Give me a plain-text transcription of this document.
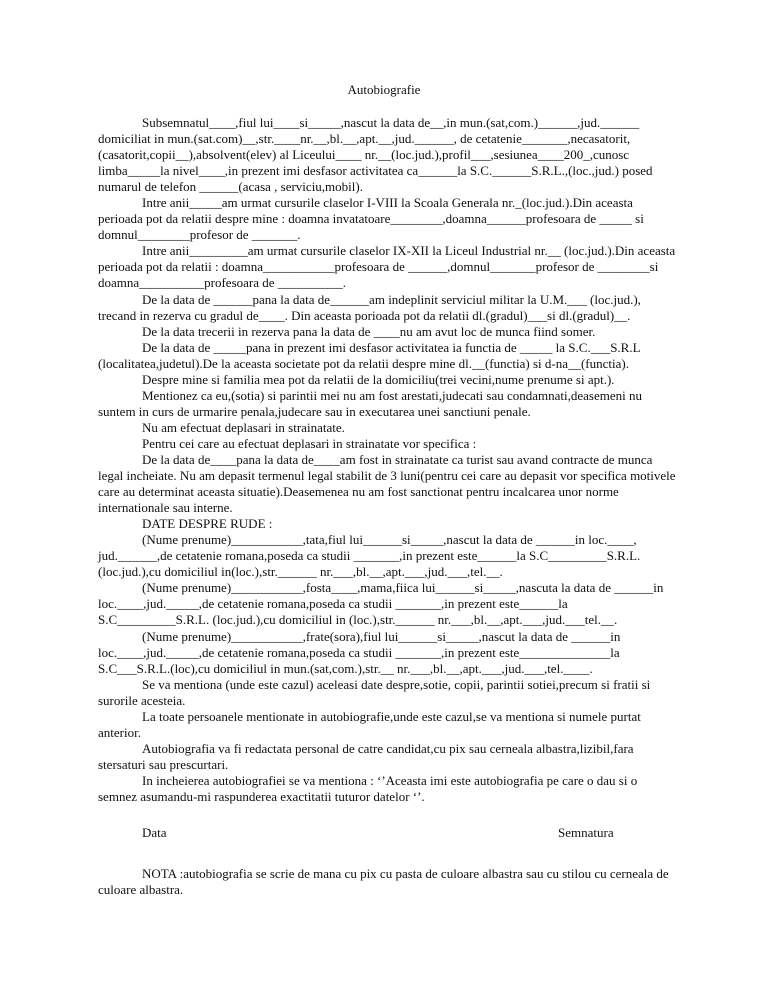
Autobiografie

Subsemnatul____,fiul lui____si_____,nascut la data de__,in mun.(sat,com.)______,jud.______ domiciliat in mun.(sat.com)__,str.____nr.__,bl.__,apt.__,jud.______, de cetatenie_______,necasatorit,(casatorit,copii__),absolvent(elev) al Liceului____ nr.__(loc.jud.),profil___,sesiunea____200_,cunosc limba_____la nivel____,in prezent imi desfasor activitatea ca______la S.C.______S.R.L.,(loc.,jud.) posed numarul de telefon ______(acasa , serviciu,mobil).

Intre anii_____am urmat cursurile claselor I-VIII la Scoala Generala nr._(loc.jud.).Din aceasta perioada pot da relatii despre mine : doamna invatatoare________,doamna______profesoara de _____ si domnul________profesor de _______.

Intre anii_________am urmat cursurile claselor IX-XII la Liceul Industrial nr.__ (loc.jud.).Din aceasta perioada pot da relatii : doamna___________profesoara de ______,domnul_______profesor de ________si doamna__________profesoara de __________.

De la data de ______pana la data de______am indeplinit serviciul militar la U.M.___ (loc.jud.), trecand in rezerva cu gradul de____. Din aceasta porioada pot da relatii dl.(gradul)___si dl.(gradul)__.

De la data trecerii in rezerva pana la data de ____nu am avut loc de munca fiind somer.

De la data de _____pana in prezent imi desfasor activitatea ia functia de _____ la S.C.___S.R.L (localitatea,judetul).De la aceasta societate pot da relatii despre mine dl.__(functia) si d-na__(functia).

Despre mine si familia mea pot da relatii de la domiciliu(trei vecini,nume prenume si apt.).

Mentionez ca eu,(sotia) si parintii mei nu am fost arestati,judecati sau condamnati,deasemeni nu suntem in curs de urmarire penala,judecare sau in executarea unei sanctiuni penale.

Nu am efectuat deplasari in strainatate.

Pentru cei care au efectuat deplasari in strainatate vor specifica :

De la data de____pana la data de____am fost in strainatate ca turist sau avand contracte de munca legal incheiate. Nu am depasit termenul legal stabilit de 3 luni(pentru cei care au depasit vor specifica motivele care au determinat aceasta situatie).Deasemenea nu am fost sanctionat pentru incalcarea unor norme internationale sau interne.

DATE DESPRE RUDE :

(Nume prenume)___________,tata,fiul lui______si_____,nascut la data de ______in loc.____, jud.______,de cetatenie romana,poseda ca studii _______,in prezent este______la S.C_________S.R.L. (loc.jud.),cu domiciliul in(loc.),str.______ nr.___,bl.__,apt.___,jud.___,tel.__.

(Nume prenume)___________,fosta____,mama,fiica lui______si_____,nascuta la data de ______in loc.____,jud._____,de cetatenie romana,poseda ca studii _______,in prezent este______la S.C_________S.R.L. (loc.jud.),cu domiciliul in (loc.),str.______ nr.___,bl.__,apt.___,jud.___tel.__.

(Nume prenume)___________,frate(sora),fiul lui______si_____,nascut la data de ______in loc.____,jud._____,de cetatenie romana,poseda ca studii _______,in prezent este______________la S.C___S.R.L.(loc),cu domiciliul in mun.(sat,com.),str.__ nr.___,bl.__,apt.___,jud.___,tel.____.

Se va mentiona (unde este cazul) aceleasi date despre,sotie, copii, parintii sotiei,precum si fratii si surorile acesteia.

La toate persoanele mentionate in autobiografie,unde este cazul,se va mentiona si numele purtat anterior.

Autobiografia va fi redactata personal de catre candidat,cu pix sau cerneala albastra,lizibil,fara stersaturi sau prescurtari.

In incheierea autobiografiei se va mentiona : ‘’Aceasta imi este autobiografia pe care o dau si o semnez asumandu-mi raspunderea exactitatii tuturor datelor ‘’.

Data	Semnatura

NOTA :autobiografia se scrie de mana cu pix cu pasta de culoare albastra sau cu stilou cu cerneala de culoare albastra.
